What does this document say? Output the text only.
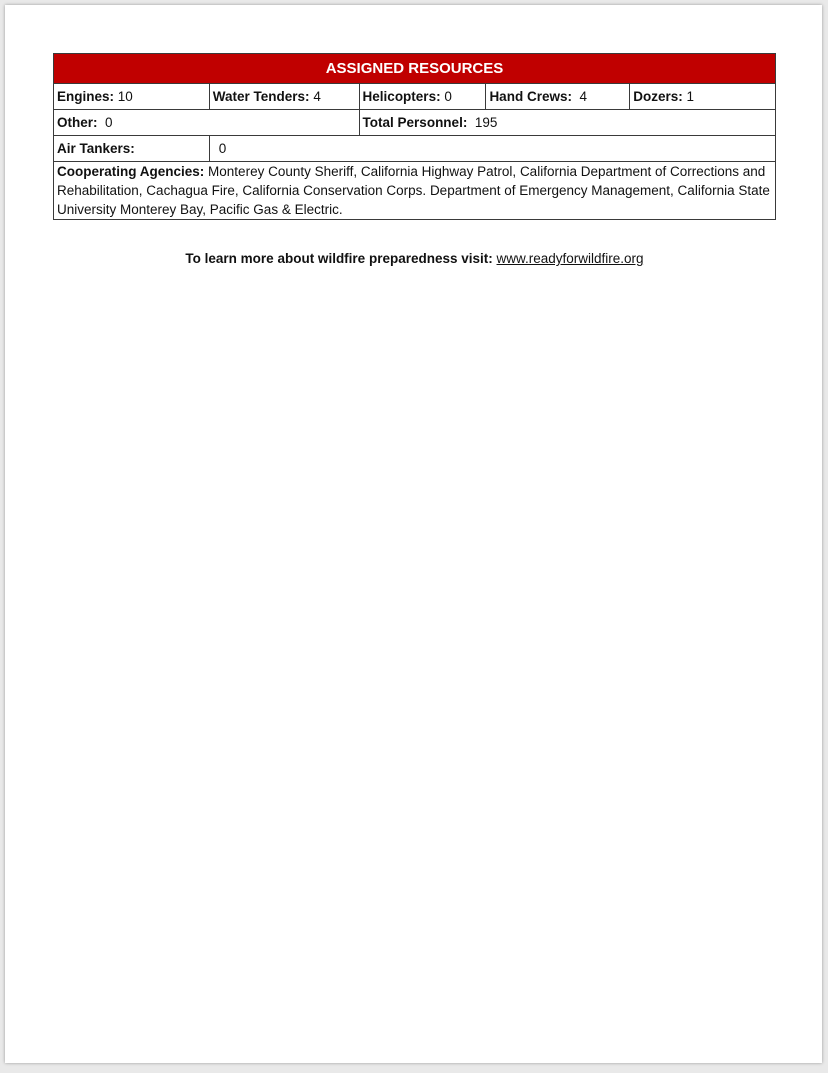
ASSIGNED RESOURCES				
Engines: 10	Water Tenders: 4	Helicopters: 0	Hand Crews: 4	Dozers: 1
Other: 0		Total Personnel: 195		
Air Tankers:	0			
Cooperating Agencies: Monterey County Sheriff, California Highway Patrol, California Department of Corrections and Rehabilitation, Cachagua Fire, California Conservation Corps. Department of Emergency Management, California State University Monterey Bay, Pacific Gas & Electric.				
To learn more about wildfire preparedness visit: www.readyforwildfire.org
